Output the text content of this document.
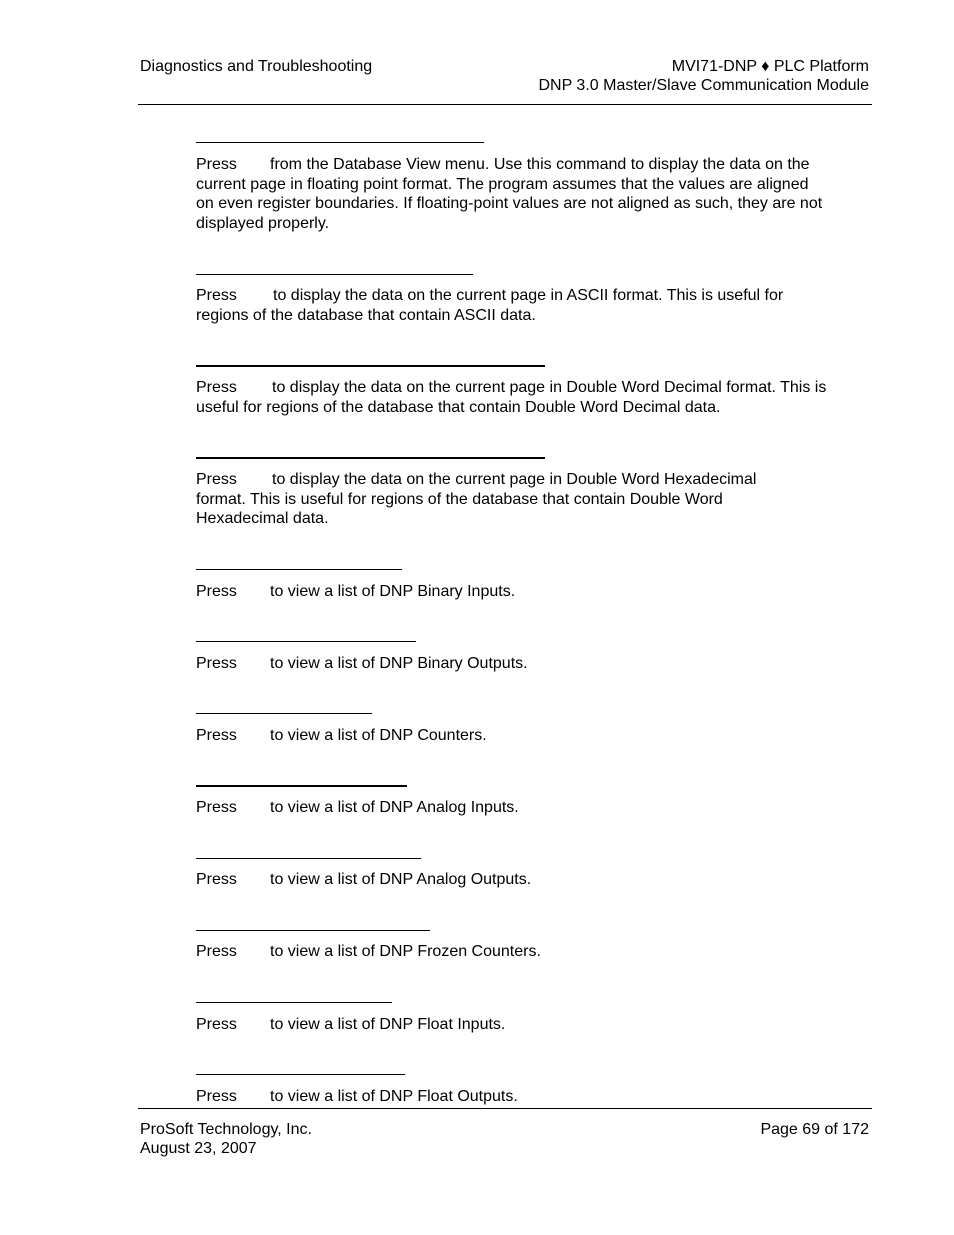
Diagnostics and Troubleshooting	MVI71-DNP ♦ PLC Platform
DNP 3.0 Master/Slave Communication Module
Press from the Database View menu. Use this command to display the data on the current page in floating point format. The program assumes that the values are aligned on even register boundaries. If floating-point values are not aligned as such, they are not displayed properly.
Press to display the data on the current page in ASCII format. This is useful for regions of the database that contain ASCII data.
Press to display the data on the current page in Double Word Decimal format. This is useful for regions of the database that contain Double Word Decimal data.
Press to display the data on the current page in Double Word Hexadecimal format. This is useful for regions of the database that contain Double Word Hexadecimal data.
Press to view a list of DNP Binary Inputs.
Press to view a list of DNP Binary Outputs.
Press to view a list of DNP Counters.
Press to view a list of DNP Analog Inputs.
Press to view a list of DNP Analog Outputs.
Press to view a list of DNP Frozen Counters.
Press to view a list of DNP Float Inputs.
Press to view a list of DNP Float Outputs.
ProSoft Technology, Inc.
August 23, 2007
Page 69 of 172
